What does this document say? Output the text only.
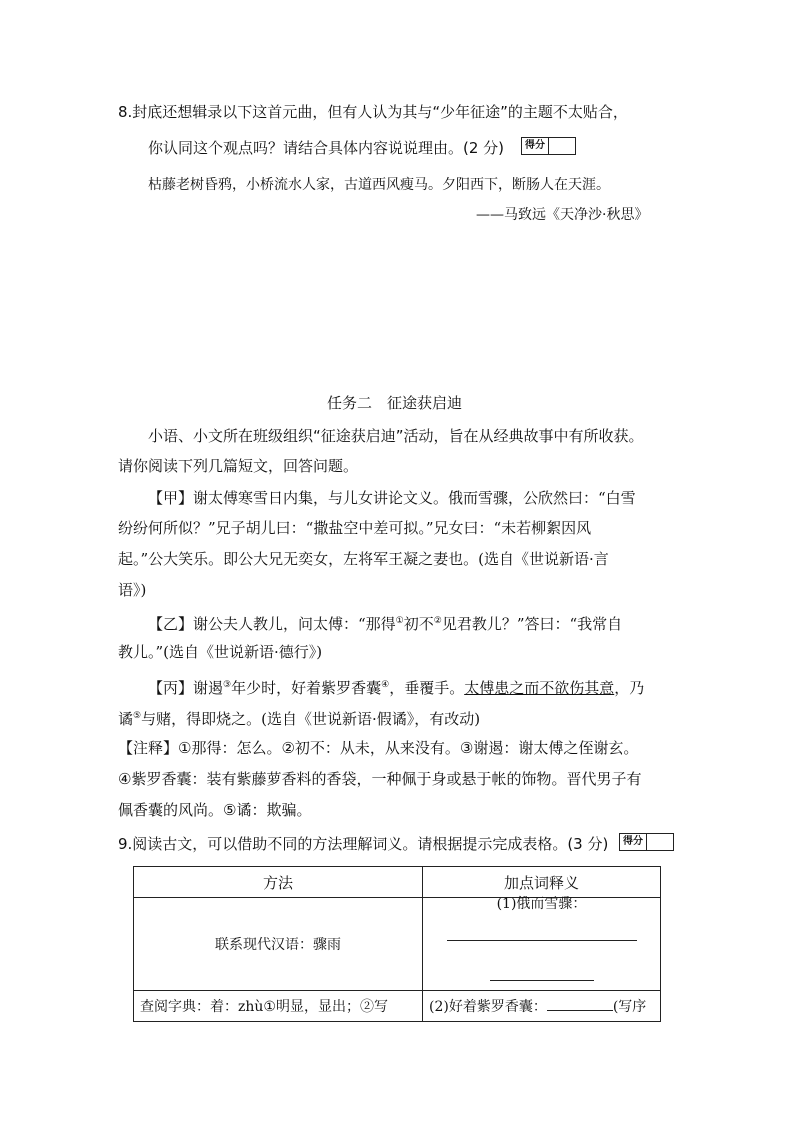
8.封底还想辑录以下这首元曲，但有人认为其与“少年征途”的主题不太贴合，
你认同这个观点吗？请结合具体内容说说理由。(2 分)	得分
枯藤老树昏鸦，小桥流水人家，古道西风瘦马。夕阳西下，断肠人在天涯。
——马致远《天净沙·秋思》
任务二　征途获启迪
小语、小文所在班级组织“征途获启迪”活动，旨在从经典故事中有所收获。
请你阅读下列几篇短文，回答问题。
【甲】谢太傅寒雪日内集，与儿女讲论文义。俄而雪骤，公欣然曰：“白雪
纷纷何所似？”兄子胡儿曰：“撒盐空中差可拟。”兄女曰：“未若柳絮因风
起。”公大笑乐。即公大兄无奕女，左将军王凝之妻也。(选自《世说新语·言
语》)
【乙】谢公夫人教儿，问太傅：“那得①初不②见君教儿？”答曰：“我常自
教儿。”(选自《世说新语·德行》)
【丙】谢遏③年少时，好着紫罗香囊④，垂覆手。太傅患之而不欲伤其意，乃
谲⑤与赌，得即烧之。(选自《世说新语·假谲》，有改动)
【注释】①那得：怎么。②初不：从未，从来没有。③谢遏：谢太傅之侄谢玄。
④紫罗香囊：装有紫藤萝香料的香袋，一种佩于身或悬于帐的饰物。晋代男子有
佩香囊的风尚。⑤谲：欺骗。
9.阅读古文，可以借助不同的方法理解词义。请根据提示完成表格。(3 分)	得分
方法	加点词释义
联系现代汉语：骤雨	(1)俄而雪骤：

查阅字典：着：zhù①明显，显出；②写	(2)好着紫罗香囊： (写序
